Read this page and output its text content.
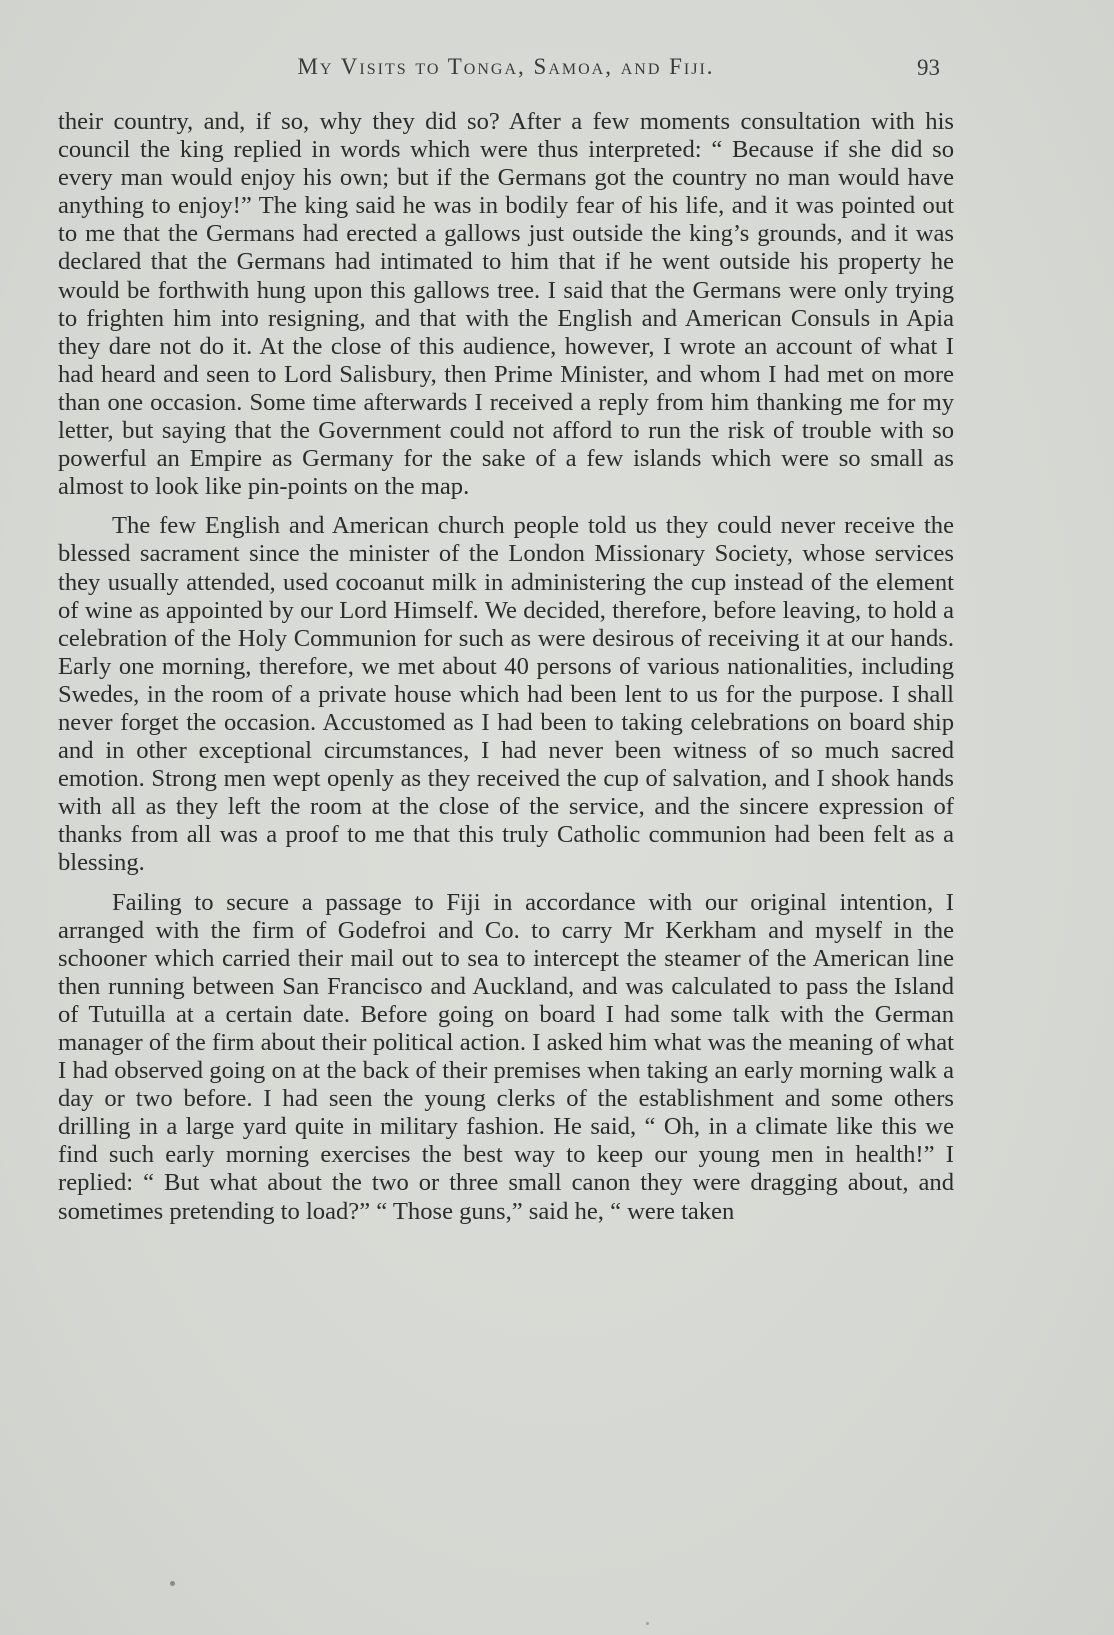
My Visits to Tonga, Samoa, and Fiji.	93

their country, and, if so, why they did so? After a few moments consultation with his council the king replied in words which were thus interpreted: “ Because if she did so every man would enjoy his own; but if the Germans got the country no man would have anything to enjoy!” The king said he was in bodily fear of his life, and it was pointed out to me that the Germans had erected a gallows just outside the king’s grounds, and it was declared that the Germans had intimated to him that if he went outside his property he would be forthwith hung upon this gallows tree. I said that the Germans were only trying to frighten him into resigning, and that with the English and American Consuls in Apia they dare not do it. At the close of this audience, however, I wrote an account of what I had heard and seen to Lord Salisbury, then Prime Minister, and whom I had met on more than one occasion. Some time afterwards I received a reply from him thanking me for my letter, but saying that the Government could not afford to run the risk of trouble with so powerful an Empire as Germany for the sake of a few islands which were so small as almost to look like pin-points on the map.

The few English and American church people told us they could never receive the blessed sacrament since the minister of the London Missionary Society, whose services they usually attended, used cocoanut milk in administering the cup instead of the element of wine as appointed by our Lord Himself. We decided, therefore, before leaving, to hold a celebration of the Holy Communion for such as were desirous of receiving it at our hands. Early one morning, therefore, we met about 40 persons of various nationalities, including Swedes, in the room of a private house which had been lent to us for the purpose. I shall never forget the occasion. Accustomed as I had been to taking celebrations on board ship and in other exceptional circumstances, I had never been witness of so much sacred emotion. Strong men wept openly as they received the cup of salvation, and I shook hands with all as they left the room at the close of the service, and the sincere expression of thanks from all was a proof to me that this truly Catholic communion had been felt as a blessing.

Failing to secure a passage to Fiji in accordance with our original intention, I arranged with the firm of Godefroi and Co. to carry Mr Kerkham and myself in the schooner which carried their mail out to sea to intercept the steamer of the American line then running between San Francisco and Auckland, and was calculated to pass the Island of Tutuilla at a certain date. Before going on board I had some talk with the German manager of the firm about their political action. I asked him what was the meaning of what I had observed going on at the back of their premises when taking an early morning walk a day or two before. I had seen the young clerks of the establishment and some others drilling in a large yard quite in military fashion. He said, “ Oh, in a climate like this we find such early morning exercises the best way to keep our young men in health!” I replied: “ But what about the two or three small canon they were dragging about, and sometimes pretending to load?” “ Those guns,” said he, “ were taken
